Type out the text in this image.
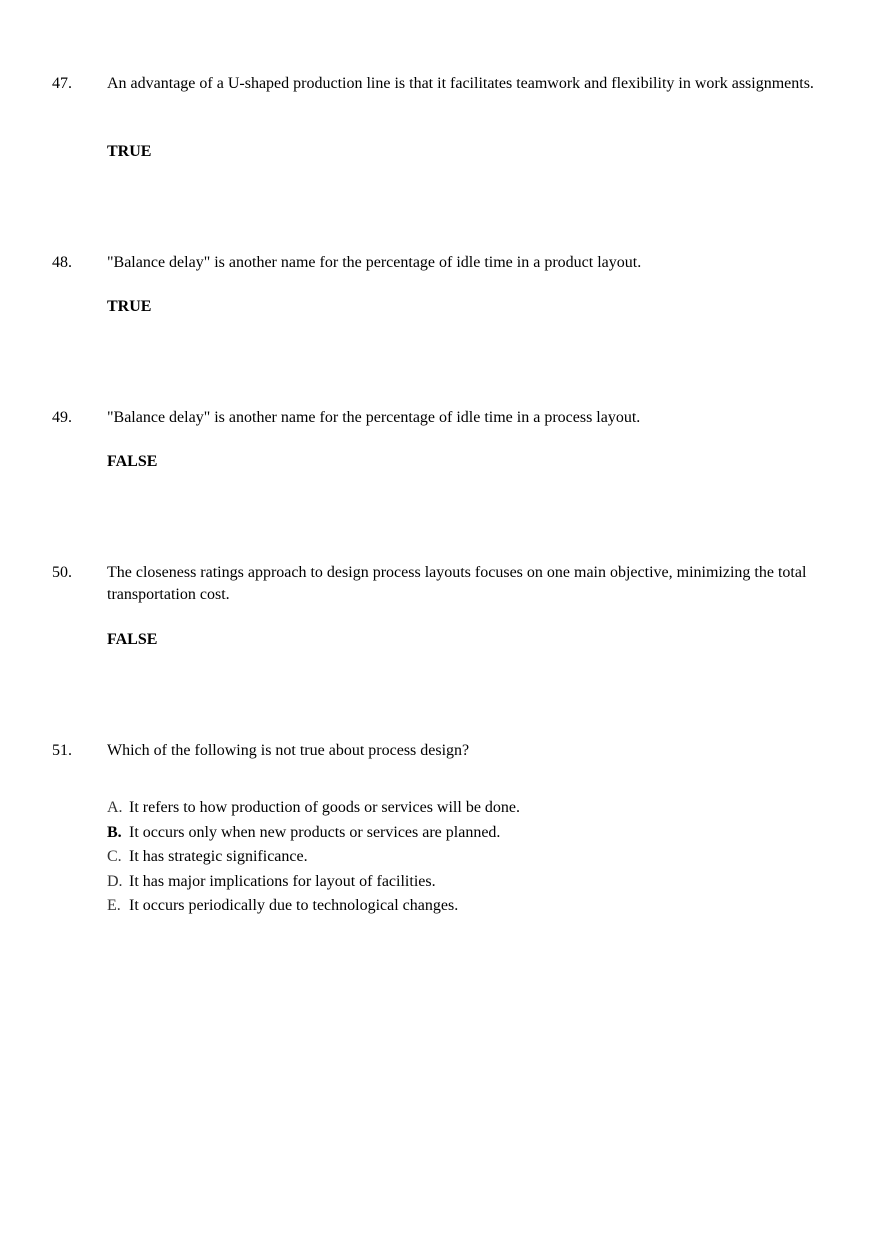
47. An advantage of a U-shaped production line is that it facilitates teamwork and flexibility in work assignments.
TRUE
48. "Balance delay" is another name for the percentage of idle time in a product layout.
TRUE
49. "Balance delay" is another name for the percentage of idle time in a process layout.
FALSE
50. The closeness ratings approach to design process layouts focuses on one main objective, minimizing the total transportation cost.
FALSE
51. Which of the following is not true about process design?
A. It refers to how production of goods or services will be done.
B. It occurs only when new products or services are planned.
C. It has strategic significance.
D. It has major implications for layout of facilities.
E. It occurs periodically due to technological changes.
